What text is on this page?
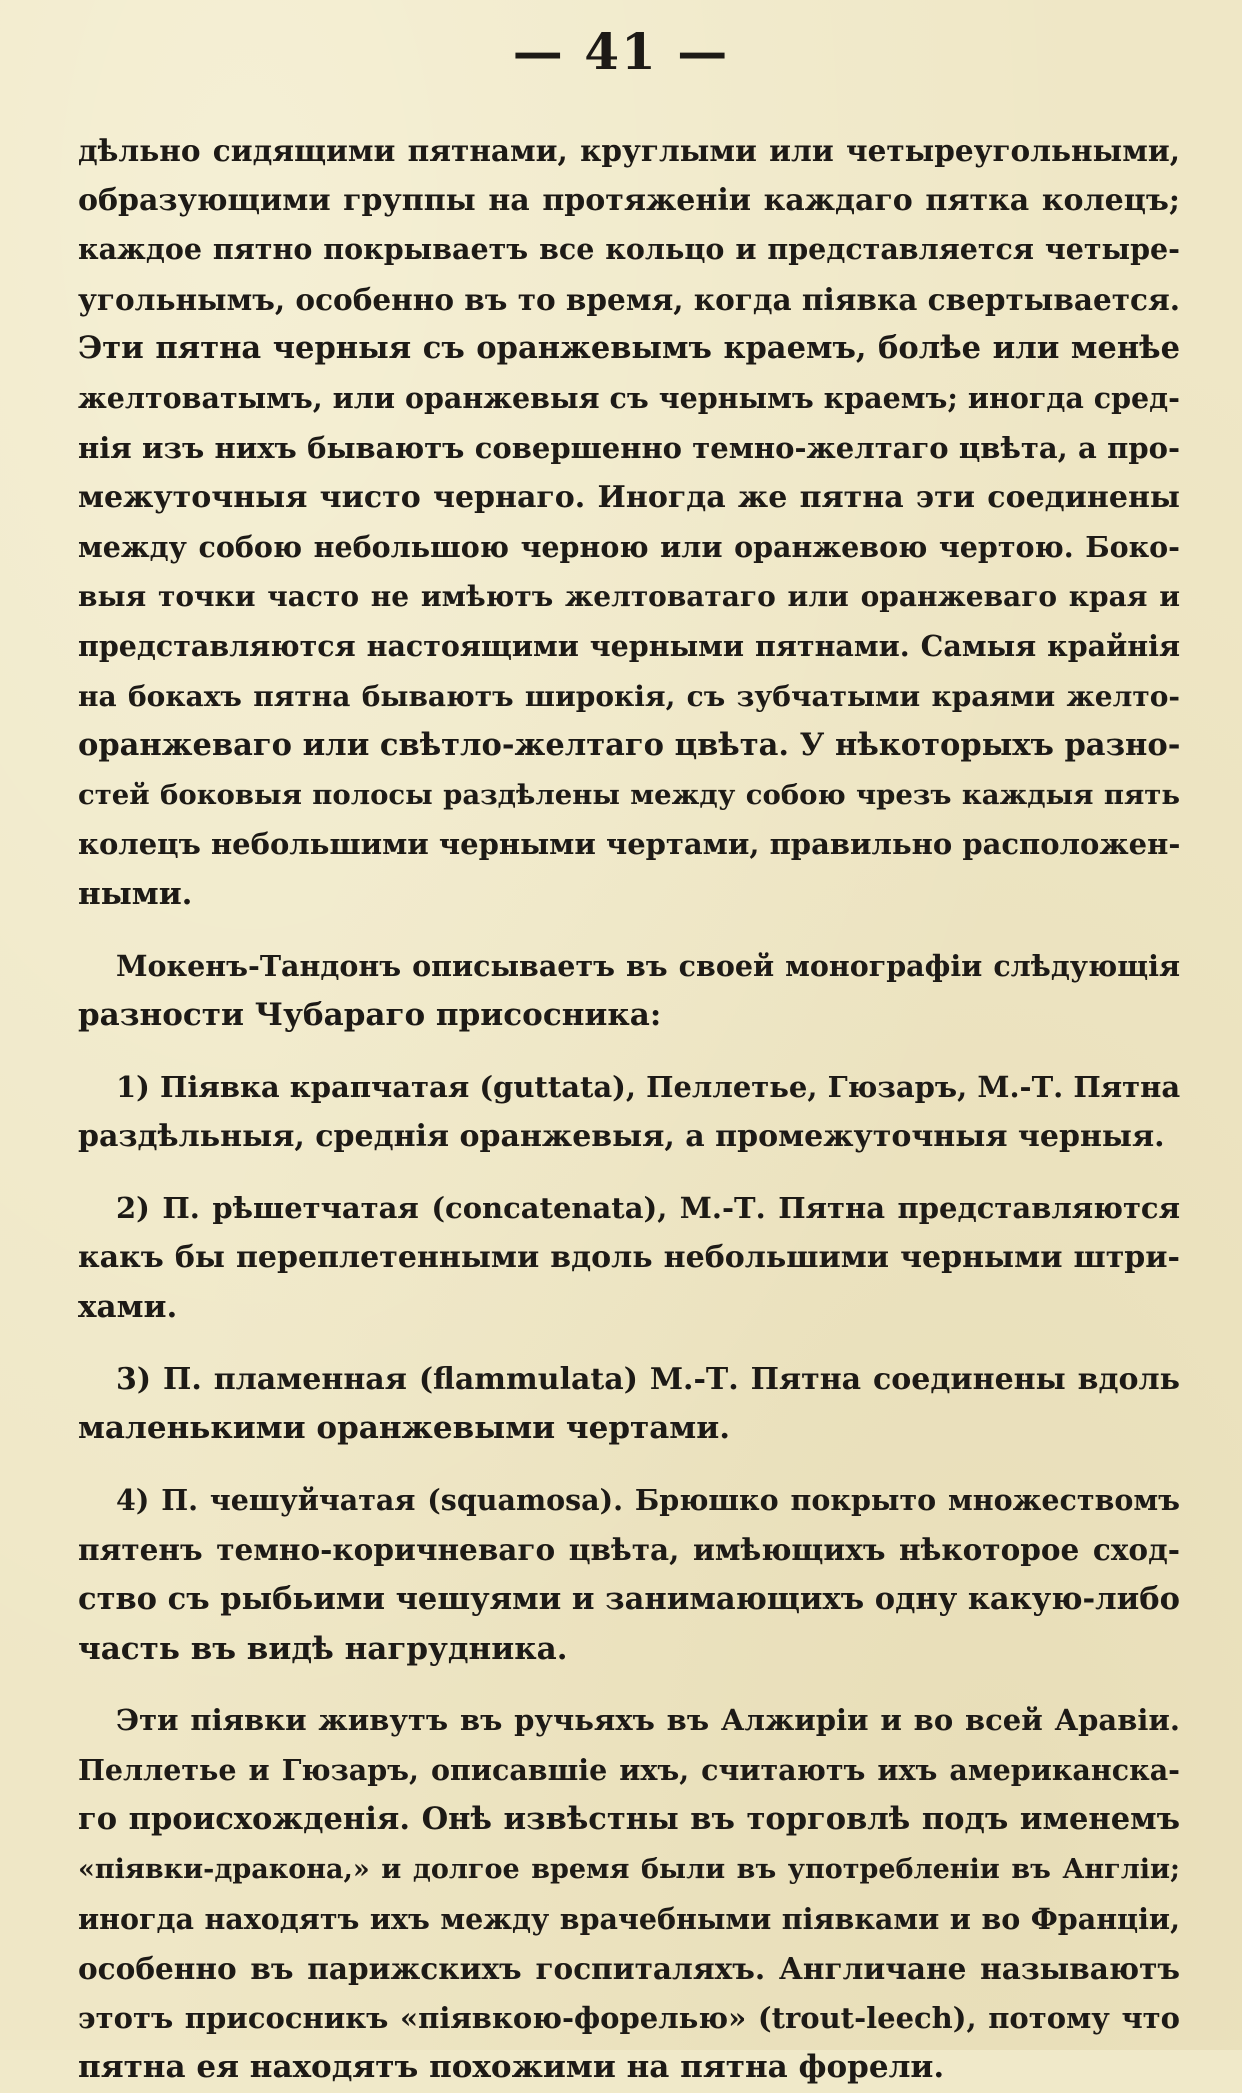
— 41 —
дѣльно сидящими пятнами, круглыми или четыреугольными,
образующими группы на протяженiи каждаго пятка колецъ;
каждое пятно покрываетъ все кольцо и представляется четыре-
угольнымъ, особенно въ то время, когда пiявка свертывается.
Эти пятна черныя съ оранжевымъ краемъ, болѣе или менѣе
желтоватымъ, или оранжевыя съ чернымъ краемъ; иногда сред-
нiя изъ нихъ бываютъ совершенно темно-желтаго цвѣта, а про-
межуточныя чисто чернаго. Иногда же пятна эти соединены
между собою небольшою черною или оранжевою чертою. Боко-
выя точки часто не имѣютъ желтоватаго или оранжеваго края и
представляются настоящими черными пятнами. Самыя крайнiя
на бокахъ пятна бываютъ широкiя, съ зубчатыми краями желто-
оранжеваго или свѣтло-желтаго цвѣта. У нѣкоторыхъ разно-
стей боковыя полосы раздѣлены между собою чрезъ каждыя пять
колецъ небольшими черными чертами, правильно расположен-
ными.
Мокенъ-Тандонъ описываетъ въ своей монографiи слѣдующiя
разности Чубараго присосника:
1) Пiявка крапчатая (guttata), Пеллетье, Гюзаръ, М.-Т. Пятна
раздѣльныя, среднiя оранжевыя, а промежуточныя черныя.
2) П. рѣшетчатая (concatenata), М.-Т. Пятна представляются
какъ бы переплетенными вдоль небольшими черными штри-
хами.
3) П. пламенная (flammulata) М.-Т. Пятна соединены вдоль
маленькими оранжевыми чертами.
4) П. чешуйчатая (squamosa). Брюшко покрыто множествомъ
пятенъ темно-коричневаго цвѣта, имѣющихъ нѣкоторое сход-
ство съ рыбьими чешуями и занимающихъ одну какую-либо
часть въ видѣ нагрудника.
Эти пiявки живутъ въ ручьяхъ въ Алжирiи и во всей Аравiи.
Пеллетье и Гюзаръ, описавшiе ихъ, считаютъ ихъ американска-
го происхожденiя. Онѣ извѣстны въ торговлѣ подъ именемъ
«пiявки-дракона,» и долгое время были въ употребленiи въ Англiи;
иногда находятъ ихъ между врачебными пiявками и во Францiи,
особенно въ парижскихъ госпиталяхъ. Англичане называютъ
этотъ присосникъ «пiявкою-форелью» (trout-leech), потому что
пятна ея находятъ похожими на пятна форели.
